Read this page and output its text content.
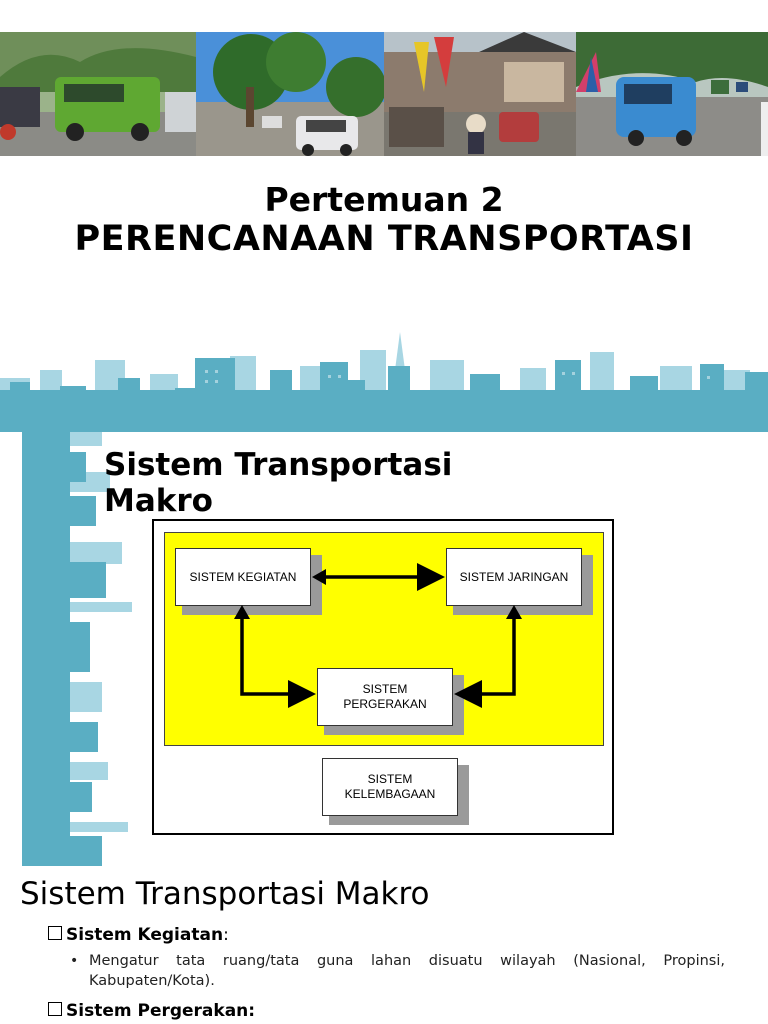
Pertemuan 2
PERENCANAAN TRANSPORTASI
Sistem Transportasi
Makro
SISTEM KEGIATAN	SISTEM JARINGAN
SISTEM
PERGERAKAN
SISTEM
KELEMBAGAAN
Sistem Transportasi Makro
Sistem Kegiatan:
• Mengatur tata ruang/tata guna lahan disuatu wilayah (Nasional, Propinsi, Kabupaten/Kota).
Sistem Pergerakan:
